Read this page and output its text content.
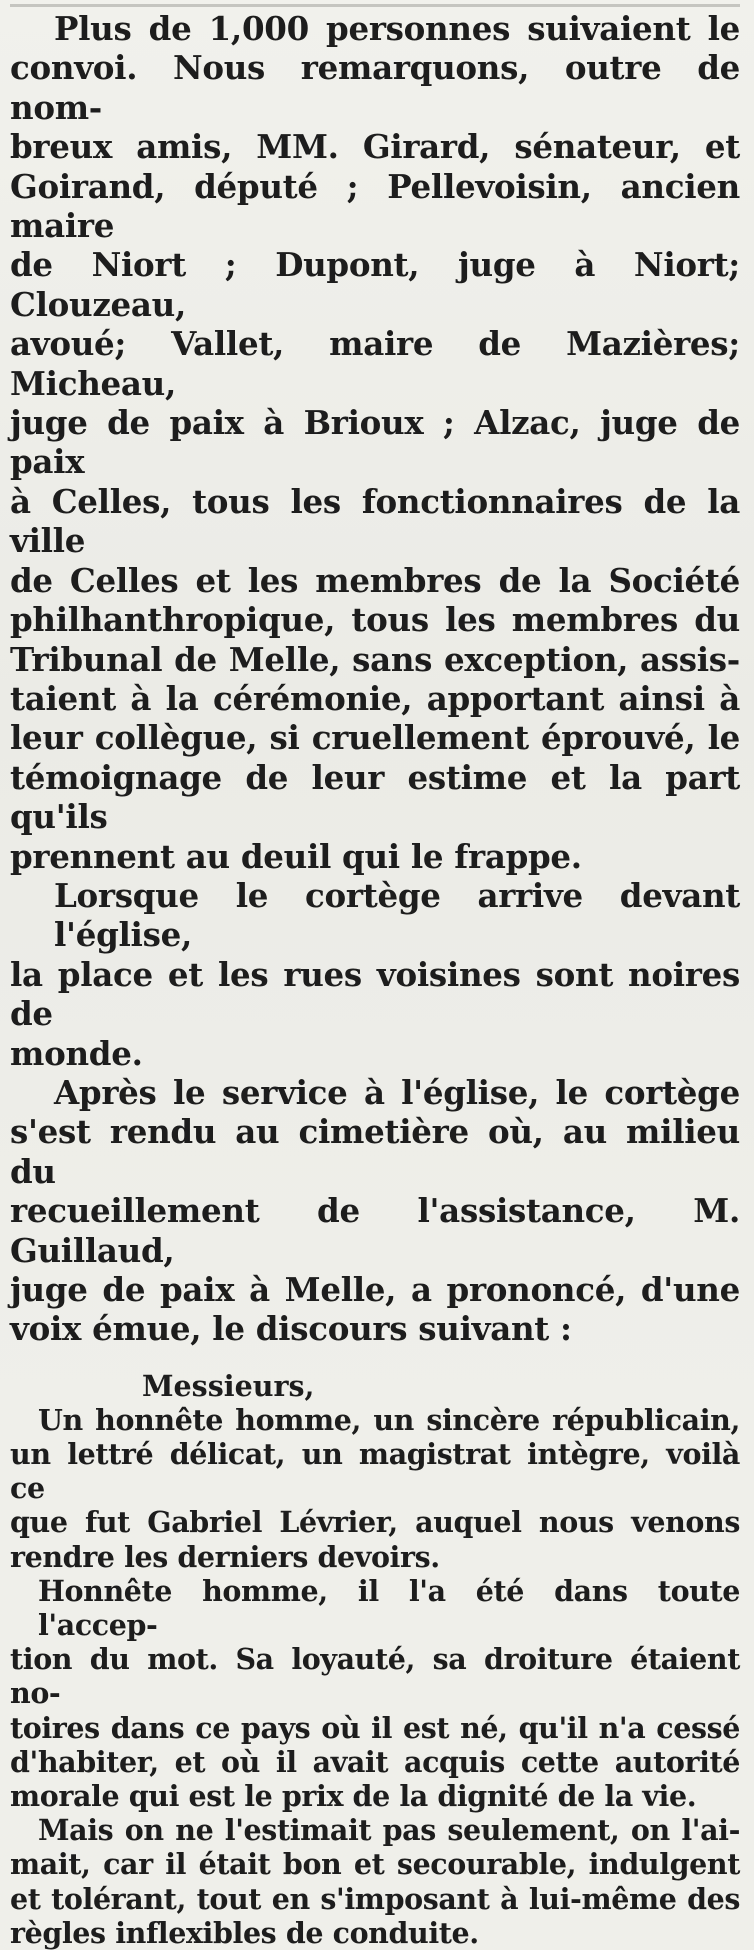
Plus de 1,000 personnes suivaient le
convoi. Nous remarquons, outre de nom-
breux amis, MM. Girard, sénateur, et
Goirand, député ; Pellevoisin, ancien maire
de Niort ; Dupont, juge à Niort; Clouzeau,
avoué; Vallet, maire de Mazières; Micheau,
juge de paix à Brioux ; Alzac, juge de paix
à Celles, tous les fonctionnaires de la ville
de Celles et les membres de la Société
philhanthropique, tous les membres du
Tribunal de Melle, sans exception, assis-
taient à la cérémonie, apportant ainsi à
leur collègue, si cruellement éprouvé, le
témoignage de leur estime et la part qu'ils
prennent au deuil qui le frappe.

Lorsque le cortège arrive devant l'église,
la place et les rues voisines sont noires de
monde.

Après le service à l'église, le cortège
s'est rendu au cimetière où, au milieu du
recueillement de l'assistance, M. Guillaud,
juge de paix à Melle, a prononcé, d'une
voix émue, le discours suivant :

Messieurs,

Un honnête homme, un sincère républicain,
un lettré délicat, un magistrat intègre, voilà ce
que fut Gabriel Lévrier, auquel nous venons
rendre les derniers devoirs.

Honnête homme, il l'a été dans toute l'accep-
tion du mot. Sa loyauté, sa droiture étaient no-
toires dans ce pays où il est né, qu'il n'a cessé
d'habiter, et où il avait acquis cette autorité
morale qui est le prix de la dignité de la vie.

Mais on ne l'estimait pas seulement, on l'ai-
mait, car il était bon et secourable, indulgent
et tolérant, tout en s'imposant à lui-même des
règles inflexibles de conduite.
